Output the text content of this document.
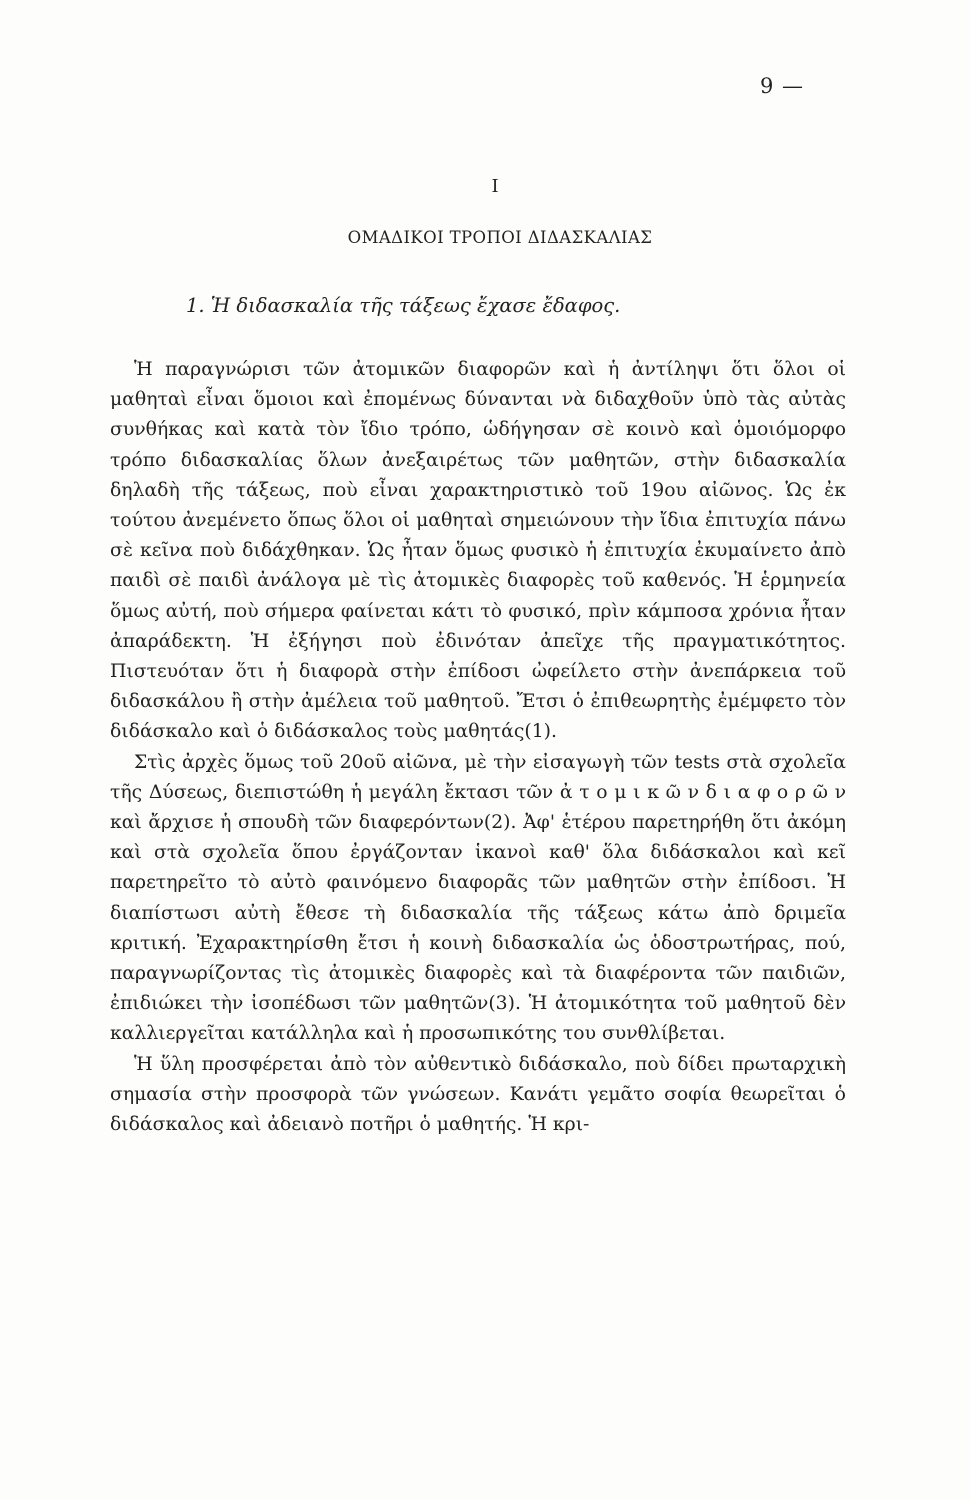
9 —
I
ΟΜΑΔΙΚΟΙ ΤΡΟΠΟΙ ΔΙΔΑΣΚΑΛΙΑΣ
1. Ἡ διδασκαλία τῆς τάξεως ἔχασε ἔδαφος.

Ἡ παραγνώρισι τῶν ἀτομικῶν διαφορῶν καὶ ἡ ἀντίληψι ὅτι ὅλοι οἱ μαθηταὶ εἶναι ὅμοιοι καὶ ἐπομένως δύνανται νὰ διδαχθοῦν ὑπὸ τὰς αὐτὰς συνθήκας καὶ κατὰ τὸν ἴδιο τρόπο, ὡδήγησαν σὲ κοινὸ καὶ ὁμοιόμορφο τρόπο διδασκαλίας ὅλων ἀνεξαιρέτως τῶν μαθητῶν, στὴν διδασκαλία δηλαδὴ τῆς τάξεως, ποὺ εἶναι χαρακτηριστικὸ τοῦ 19ου αἰῶνος. Ὡς ἐκ τούτου ἀνεμένετο ὅπως ὅλοι οἱ μαθηταὶ σημειώνουν τὴν ἴδια ἐπιτυχία πάνω σὲ κεῖνα ποὺ διδάχθηκαν. Ὡς ἦταν ὅμως φυσικὸ ἡ ἐπιτυχία ἐκυμαίνετο ἀπὸ παιδὶ σὲ παιδὶ ἀνάλογα μὲ τὶς ἀτομικὲς διαφορὲς τοῦ καθενός. Ἡ ἑρμηνεία ὅμως αὐτή, ποὺ σήμερα φαίνεται κάτι τὸ φυσικό, πρὶν κάμποσα χρόνια ἦταν ἀπαράδεκτη. Ἡ ἐξήγησι ποὺ ἐδινόταν ἀπεῖχε τῆς πραγματικότητος. Πιστευόταν ὅτι ἡ διαφορὰ στὴν ἐπίδοσι ὠφείλετο στὴν ἀνεπάρκεια τοῦ διδασκάλου ἢ στὴν ἀμέλεια τοῦ μαθητοῦ. Ἔτσι ὁ ἐπιθεωρητὴς ἐμέμφετο τὸν διδάσκαλο καὶ ὁ διδάσκαλος τοὺς μαθητάς(1).

Στὶς ἀρχὲς ὅμως τοῦ 20οῦ αἰῶνα, μὲ τὴν εἰσαγωγὴ τῶν tests στὰ σχολεῖα τῆς Δύσεως, διεπιστώθη ἡ μεγάλη ἔκτασι τῶν ἀ τ ο μ ι κ ῶ ν δ ι α φ ο ρ ῶ ν καὶ ἄρχισε ἡ σπουδὴ τῶν διαφερόντων(2). Ἀφ' ἑτέρου παρετηρήθη ὅτι ἀκόμη καὶ στὰ σχολεῖα ὅπου ἐργάζονταν ἱκανοὶ καθ' ὅλα διδάσκαλοι καὶ κεῖ παρετηρεῖτο τὸ αὐτὸ φαινόμενο διαφορᾶς τῶν μαθητῶν στὴν ἐπίδοσι. Ἡ διαπίστωσι αὐτὴ ἔθεσε τὴ διδασκαλία τῆς τάξεως κάτω ἀπὸ δριμεῖα κριτική. Ἐχαρακτηρίσθη ἔτσι ἡ κοινὴ διδασκαλία ὡς ὁδοστρωτήρας, πού, παραγνωρίζοντας τὶς ἀτομικὲς διαφορὲς καὶ τὰ διαφέροντα τῶν παιδιῶν, ἐπιδιώκει τὴν ἰσοπέδωσι τῶν μαθητῶν(3). Ἡ ἀτομικότητα τοῦ μαθητοῦ δὲν καλλιεργεῖται κατάλληλα καὶ ἡ προσωπικότης του συνθλίβεται.

Ἡ ὕλη προσφέρεται ἀπὸ τὸν αὐθεντικὸ διδάσκαλο, ποὺ δίδει πρωταρχικὴ σημασία στὴν προσφορὰ τῶν γνώσεων. Κανάτι γεμᾶτο σοφία θεωρεῖται ὁ διδάσκαλος καὶ ἀδειανὸ ποτῆρι ὁ μαθητής. Ἡ κρι-
